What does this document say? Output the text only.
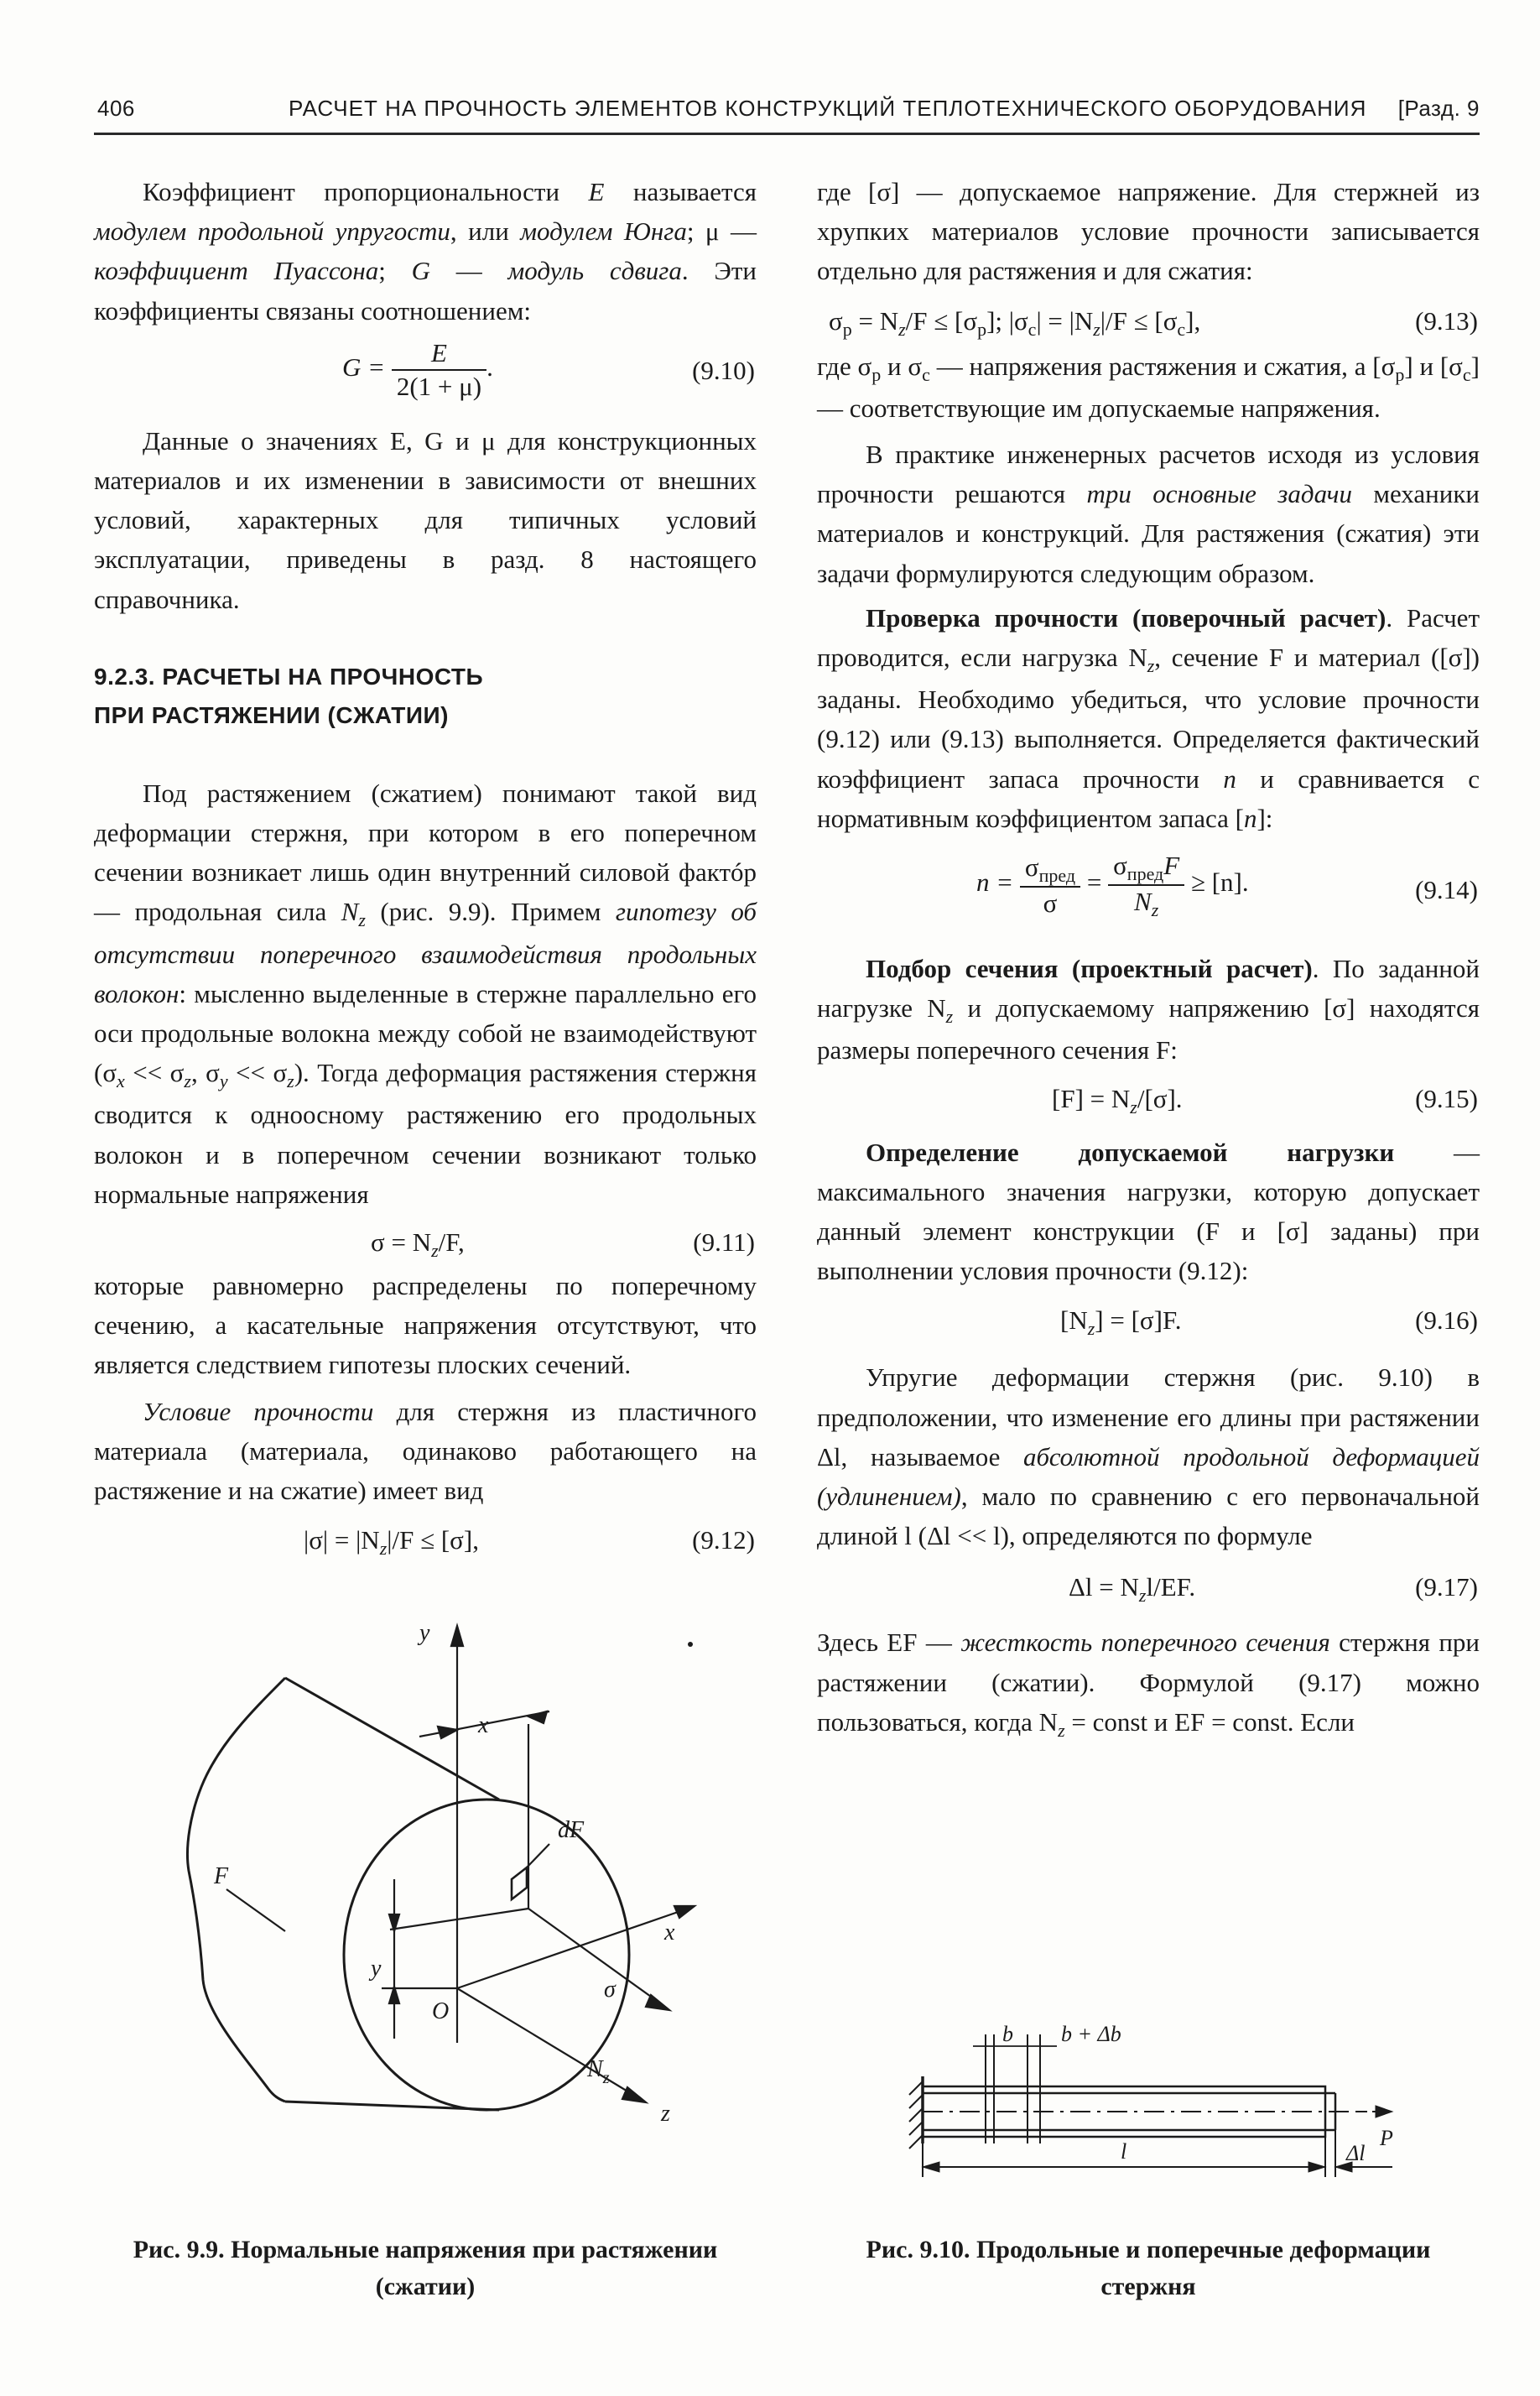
406	РАСЧЕТ НА ПРОЧНОСТЬ ЭЛЕМЕНТОВ КОНСТРУКЦИЙ ТЕПЛОТЕХНИЧЕСКОГО ОБОРУДОВАНИЯ [Разд. 9

Коэффициент пропорциональности E называется модулем продольной упругости, или модулем Юнга; μ — коэффициент Пуассона; G — модуль сдвига. Эти коэффициенты связаны соотношением:

$G = \frac{E}{2(1 + \mu)}$ .	(9.10)

Данные о значениях E, G и μ для конструкционных материалов и их изменении в зависимости от внешних условий, характерных для типичных условий эксплуатации, приведены в разд. 8 настоящего справочника.

9.2.3. РАСЧЕТЫ НА ПРОЧНОСТЬ

ПРИ РАСТЯЖЕНИИ (СЖАТИИ)

Под растяжением (сжатием) понимают такой вид деформации стержня, при котором в его поперечном сечении возникает лишь один внутренний силовой фактóр — продольная сила $N_z$ (рис. 9.9). Примем гипотезу об отсутствии поперечного взаимодействия продольных волокон: мысленно выделенные в стержне параллельно его оси продольные волокна между собой не взаимодействуют ($\sigma_x << \sigma_z$, $\sigma_y << \sigma_z$). Тогда деформация растяжения стержня сводится к одноосному растяжению его продольных волокон и в поперечном сечении возникают только нормальные напряжения

$\sigma = N_z/F$,	(9.11)

которые равномерно распределены по поперечному сечению, а касательные напряжения отсутствуют, что является следствием гипотезы плоских сечений.

Условие прочности для стержня из пластичного материала (материала, одинаково работающего на растяжение и на сжатие) имеет вид

$|\sigma| = |N_z|/F \le [\sigma]$,	(9.12)
y
x
dF
F
x
σ
y
O
$N_z$
z
Рис. 9.9. Нормальные напряжения при растяжении (сжатии)

где [σ] — допускаемое напряжение. Для стержней из хрупких материалов условие прочности записывается отдельно для растяжения и для сжатия:

$\sigma_р = N_z/F \le [\sigma_р]$; $|\sigma_с| = |N_z|/F \le [\sigma_с]$,	(9.13)

где $\sigma_р$ и $\sigma_с$ — напряжения растяжения и сжатия, а $[\sigma_р]$ и $[\sigma_с]$ — соответствующие им допускаемые напряжения.

В практике инженерных расчетов исходя из условия прочности решаются три основные задачи механики материалов и конструкций. Для растяжения (сжатия) эти задачи формулируются следующим образом.

Проверка прочности (поверочный расчет). Расчет проводится, если нагрузка $N_z$, сечение F и материал ([σ]) заданы. Необходимо убедиться, что условие прочности (9.12) или (9.13) выполняется. Определяется фактический коэффициент запаса прочности n и сравнивается с нормативным коэффициентом запаса [n]:

$n = \frac{\sigma_{пред}}{\sigma} = \frac{\sigma_{пред}F}{N_z} \ge [n]$.	(9.14)

Подбор сечения (проектный расчет). По заданной нагрузке $N_z$ и допускаемому напряжению [σ] находятся размеры поперечного сечения F:

$[F] = N_z/[\sigma]$.	(9.15)

Определение допускаемой нагрузки — максимального значения нагрузки, которую допускает данный элемент конструкции (F и [σ] заданы) при выполнении условия прочности (9.12):

$[N_z] = [\sigma]F$.	(9.16)

Упругие деформации стержня (рис. 9.10) в предположении, что изменение его длины при растяжении Δl, называемое абсолютной продольной деформацией (удлинением), мало по сравнению с его первоначальной длиной l (Δl << l), определяются по формуле

$\Delta l = N_zl/EF$.	(9.17)

Здесь EF — жесткость поперечного сечения стержня при растяжении (сжатии). Формулой (9.17) можно пользоваться, когда $N_z$ = const и EF = const. Если

b b + Δb
P
l	Δl
Рис. 9.10. Продольные и поперечные деформации стержня
